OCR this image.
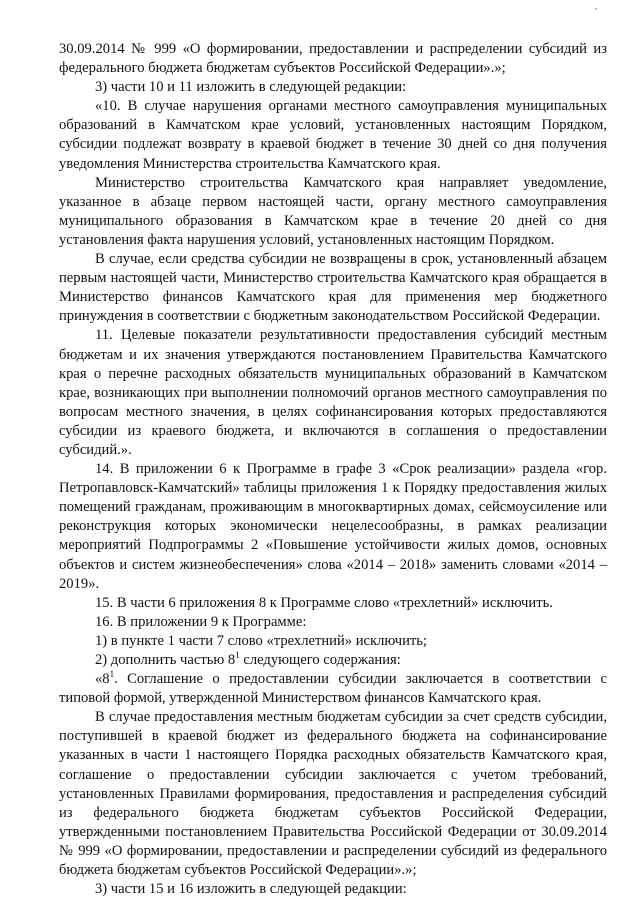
30.09.2014 № 999 «О формировании, предоставлении и распределении субсидий из федерального бюджета бюджетам субъектов Российской Федерации».»;

3) части 10 и 11 изложить в следующей редакции:

«10. В случае нарушения органами местного самоуправления муниципальных образований в Камчатском крае условий, установленных настоящим Порядком, субсидии подлежат возврату в краевой бюджет в течение 30 дней со дня получения уведомления Министерства строительства Камчатского края.

Министерство строительства Камчатского края направляет уведомление, указанное в абзаце первом настоящей части, органу местного самоуправления муниципального образования в Камчатском крае в течение 20 дней со дня установления факта нарушения условий, установленных настоящим Порядком.

В случае, если средства субсидии не возвращены в срок, установленный абзацем первым настоящей части, Министерство строительства Камчатского края обращается в Министерство финансов Камчатского края для применения мер бюджетного принуждения в соответствии с бюджетным законодательством Российской Федерации.

11. Целевые показатели результативности предоставления субсидий местным бюджетам и их значения утверждаются постановлением Правительства Камчатского края о перечне расходных обязательств муниципальных образований в Камчатском крае, возникающих при выполнении полномочий органов местного самоуправления по вопросам местного значения, в целях софинансирования которых предоставляются субсидии из краевого бюджета, и включаются в соглашения о предоставлении субсидий.».

14. В приложении 6 к Программе в графе 3 «Срок реализации» раздела «гор. Петропавловск-Камчатский» таблицы приложения 1 к Порядку предоставления жилых помещений гражданам, проживающим в многоквартирных домах, сейсмоусиление или реконструкция которых экономически нецелесообразны, в рамках реализации мероприятий Подпрограммы 2 «Повышение устойчивости жилых домов, основных объектов и систем жизнеобеспечения» слова «2014 – 2018» заменить словами «2014 – 2019».

15. В части 6 приложения 8 к Программе слово «трехлетний» исключить.

16. В приложении 9 к Программе:

1) в пункте 1 части 7 слово «трехлетний» исключить;

2) дополнить частью $8^1$ следующего содержания:

«$8^1$. Соглашение о предоставлении субсидии заключается в соответствии с типовой формой, утвержденной Министерством финансов Камчатского края.

В случае предоставления местным бюджетам субсидии за счет средств субсидии, поступившей в краевой бюджет из федерального бюджета на софинансирование указанных в части 1 настоящего Порядка расходных обязательств Камчатского края, соглашение о предоставлении субсидии заключается с учетом требований, установленных Правилами формирования, предоставления и распределения субсидий из федерального бюджета бюджетам субъектов Российской Федерации, утвержденными постановлением Правительства Российской Федерации от 30.09.2014 № 999 «О формировании, предоставлении и распределении субсидий из федерального бюджета бюджетам субъектов Российской Федерации».»;

3) части 15 и 16 изложить в следующей редакции:
